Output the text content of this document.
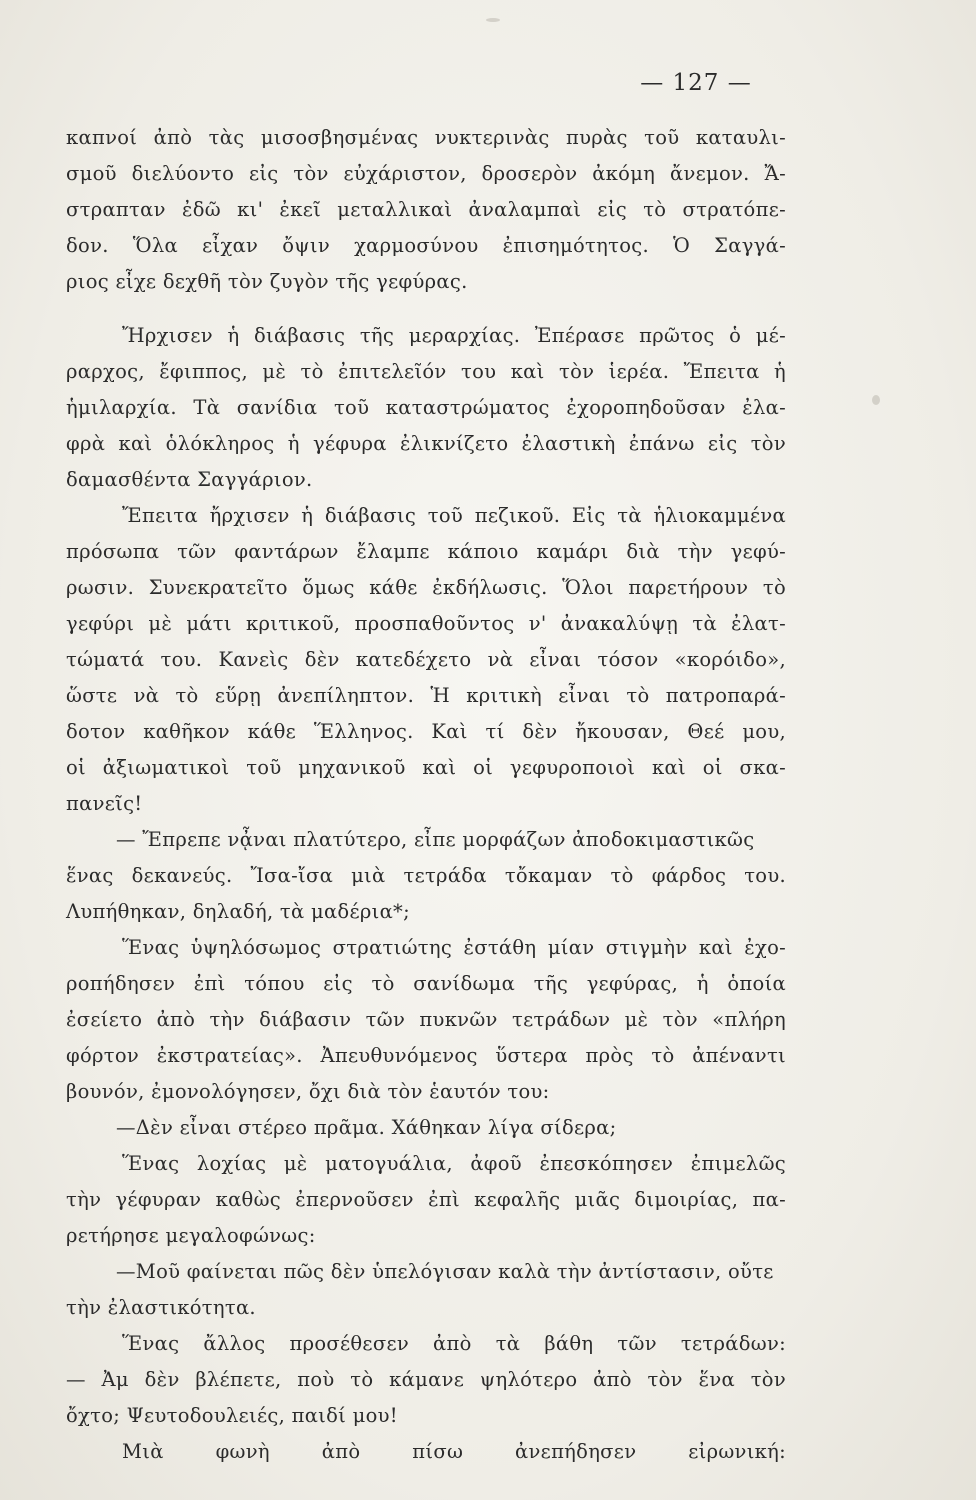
— 127 —
καπνοί ἀπὸ τὰς μισοσβησμένας νυκτερινὰς πυρὰς τοῦ καταυλι-
σμοῦ διελύοντο εἰς τὸν εὐχάριστον, δροσερὸν ἀκόμη ἄνεμον. Ἄ-
στραπταν ἐδῶ κι' ἐκεῖ μεταλλικαὶ ἀναλαμπαὶ εἰς τὸ στρατόπε-
δον. Ὅλα εἶχαν ὄψιν χαρμοσύνου ἐπισημότητος. Ὁ Σαγγά-
ριος εἶχε δεχθῆ τὸν ζυγὸν τῆς γεφύρας.
Ἤρχισεν ἡ διάβασις τῆς μεραρχίας. Ἐπέρασε πρῶτος ὁ μέ-
ραρχος, ἔφιππος, μὲ τὸ ἐπιτελεῖόν του καὶ τὸν ἱερέα. Ἔπειτα ἡ
ἡμιλαρχία. Τὰ σανίδια τοῦ καταστρώματος ἐχοροπηδοῦσαν ἐλα-
φρὰ καὶ ὁλόκληρος ἡ γέφυρα ἐλικνίζετο ἐλαστικὴ ἐπάνω εἰς τὸν
δαμασθέντα Σαγγάριον.
Ἔπειτα ἤρχισεν ἡ διάβασις τοῦ πεζικοῦ. Εἰς τὰ ἡλιοκαμμένα
πρόσωπα τῶν φαντάρων ἔλαμπε κάποιο καμάρι διὰ τὴν γεφύ-
ρωσιν. Συνεκρατεῖτο ὅμως κάθε ἐκδήλωσις. Ὅλοι παρετήρουν τὸ
γεφύρι μὲ μάτι κριτικοῦ, προσπαθοῦντος ν' ἀνακαλύψῃ τὰ ἐλατ-
τώματά του. Κανεὶς δὲν κατεδέχετο νὰ εἶναι τόσον «κορόιδο»,
ὥστε νὰ τὸ εὕρῃ ἀνεπίληπτον. Ἡ κριτικὴ εἶναι τὸ πατροπαρά-
δοτον καθῆκον κάθε Ἕλληνος. Καὶ τί δὲν ἤκουσαν, Θεέ μου,
οἱ ἀξιωματικοὶ τοῦ μηχανικοῦ καὶ οἱ γεφυροποιοὶ καὶ οἱ σκα-
πανεῖς!
— Ἔπρεπε νᾆναι πλατύτερο, εἶπε μορφάζων ἀποδοκιμαστικῶς
ἕνας δεκανεύς. Ἴσα-ἴσα μιὰ τετράδα τὄκαμαν τὸ φάρδος του.
Λυπήθηκαν, δηλαδή, τὰ μαδέρια*;
Ἕνας ὑψηλόσωμος στρατιώτης ἐστάθη μίαν στιγμὴν καὶ ἐχο-
ροπήδησεν ἐπὶ τόπου εἰς τὸ σανίδωμα τῆς γεφύρας, ἡ ὁποία
ἐσείετο ἀπὸ τὴν διάβασιν τῶν πυκνῶν τετράδων μὲ τὸν «πλήρη
φόρτον ἐκστρατείας». Ἀπευθυνόμενος ὕστερα πρὸς τὸ ἀπέναντι
βουνόν, ἐμονολόγησεν, ὄχι διὰ τὸν ἑαυτόν του:
—Δὲν εἶναι στέρεο πρᾶμα. Χάθηκαν λίγα σίδερα;
Ἕνας λοχίας μὲ ματογυάλια, ἀφοῦ ἐπεσκόπησεν ἐπιμελῶς
τὴν γέφυραν καθὼς ἐπερνοῦσεν ἐπὶ κεφαλῆς μιᾶς διμοιρίας, πα-
ρετήρησε μεγαλοφώνως:
—Μοῦ φαίνεται πῶς δὲν ὑπελόγισαν καλὰ τὴν ἀντίστασιν, οὔτε
τὴν ἐλαστικότητα.
Ἕνας ἄλλος προσέθεσεν ἀπὸ τὰ βάθη τῶν τετράδων:
— Ἀμ δὲν βλέπετε, ποὺ τὸ κάμανε ψηλότερο ἀπὸ τὸν ἕνα τὸν
ὄχτο; Ψευτοδουλειές, παιδί μου!
Μιὰ φωνὴ ἀπὸ πίσω ἀνεπήδησεν εἰρωνική:
